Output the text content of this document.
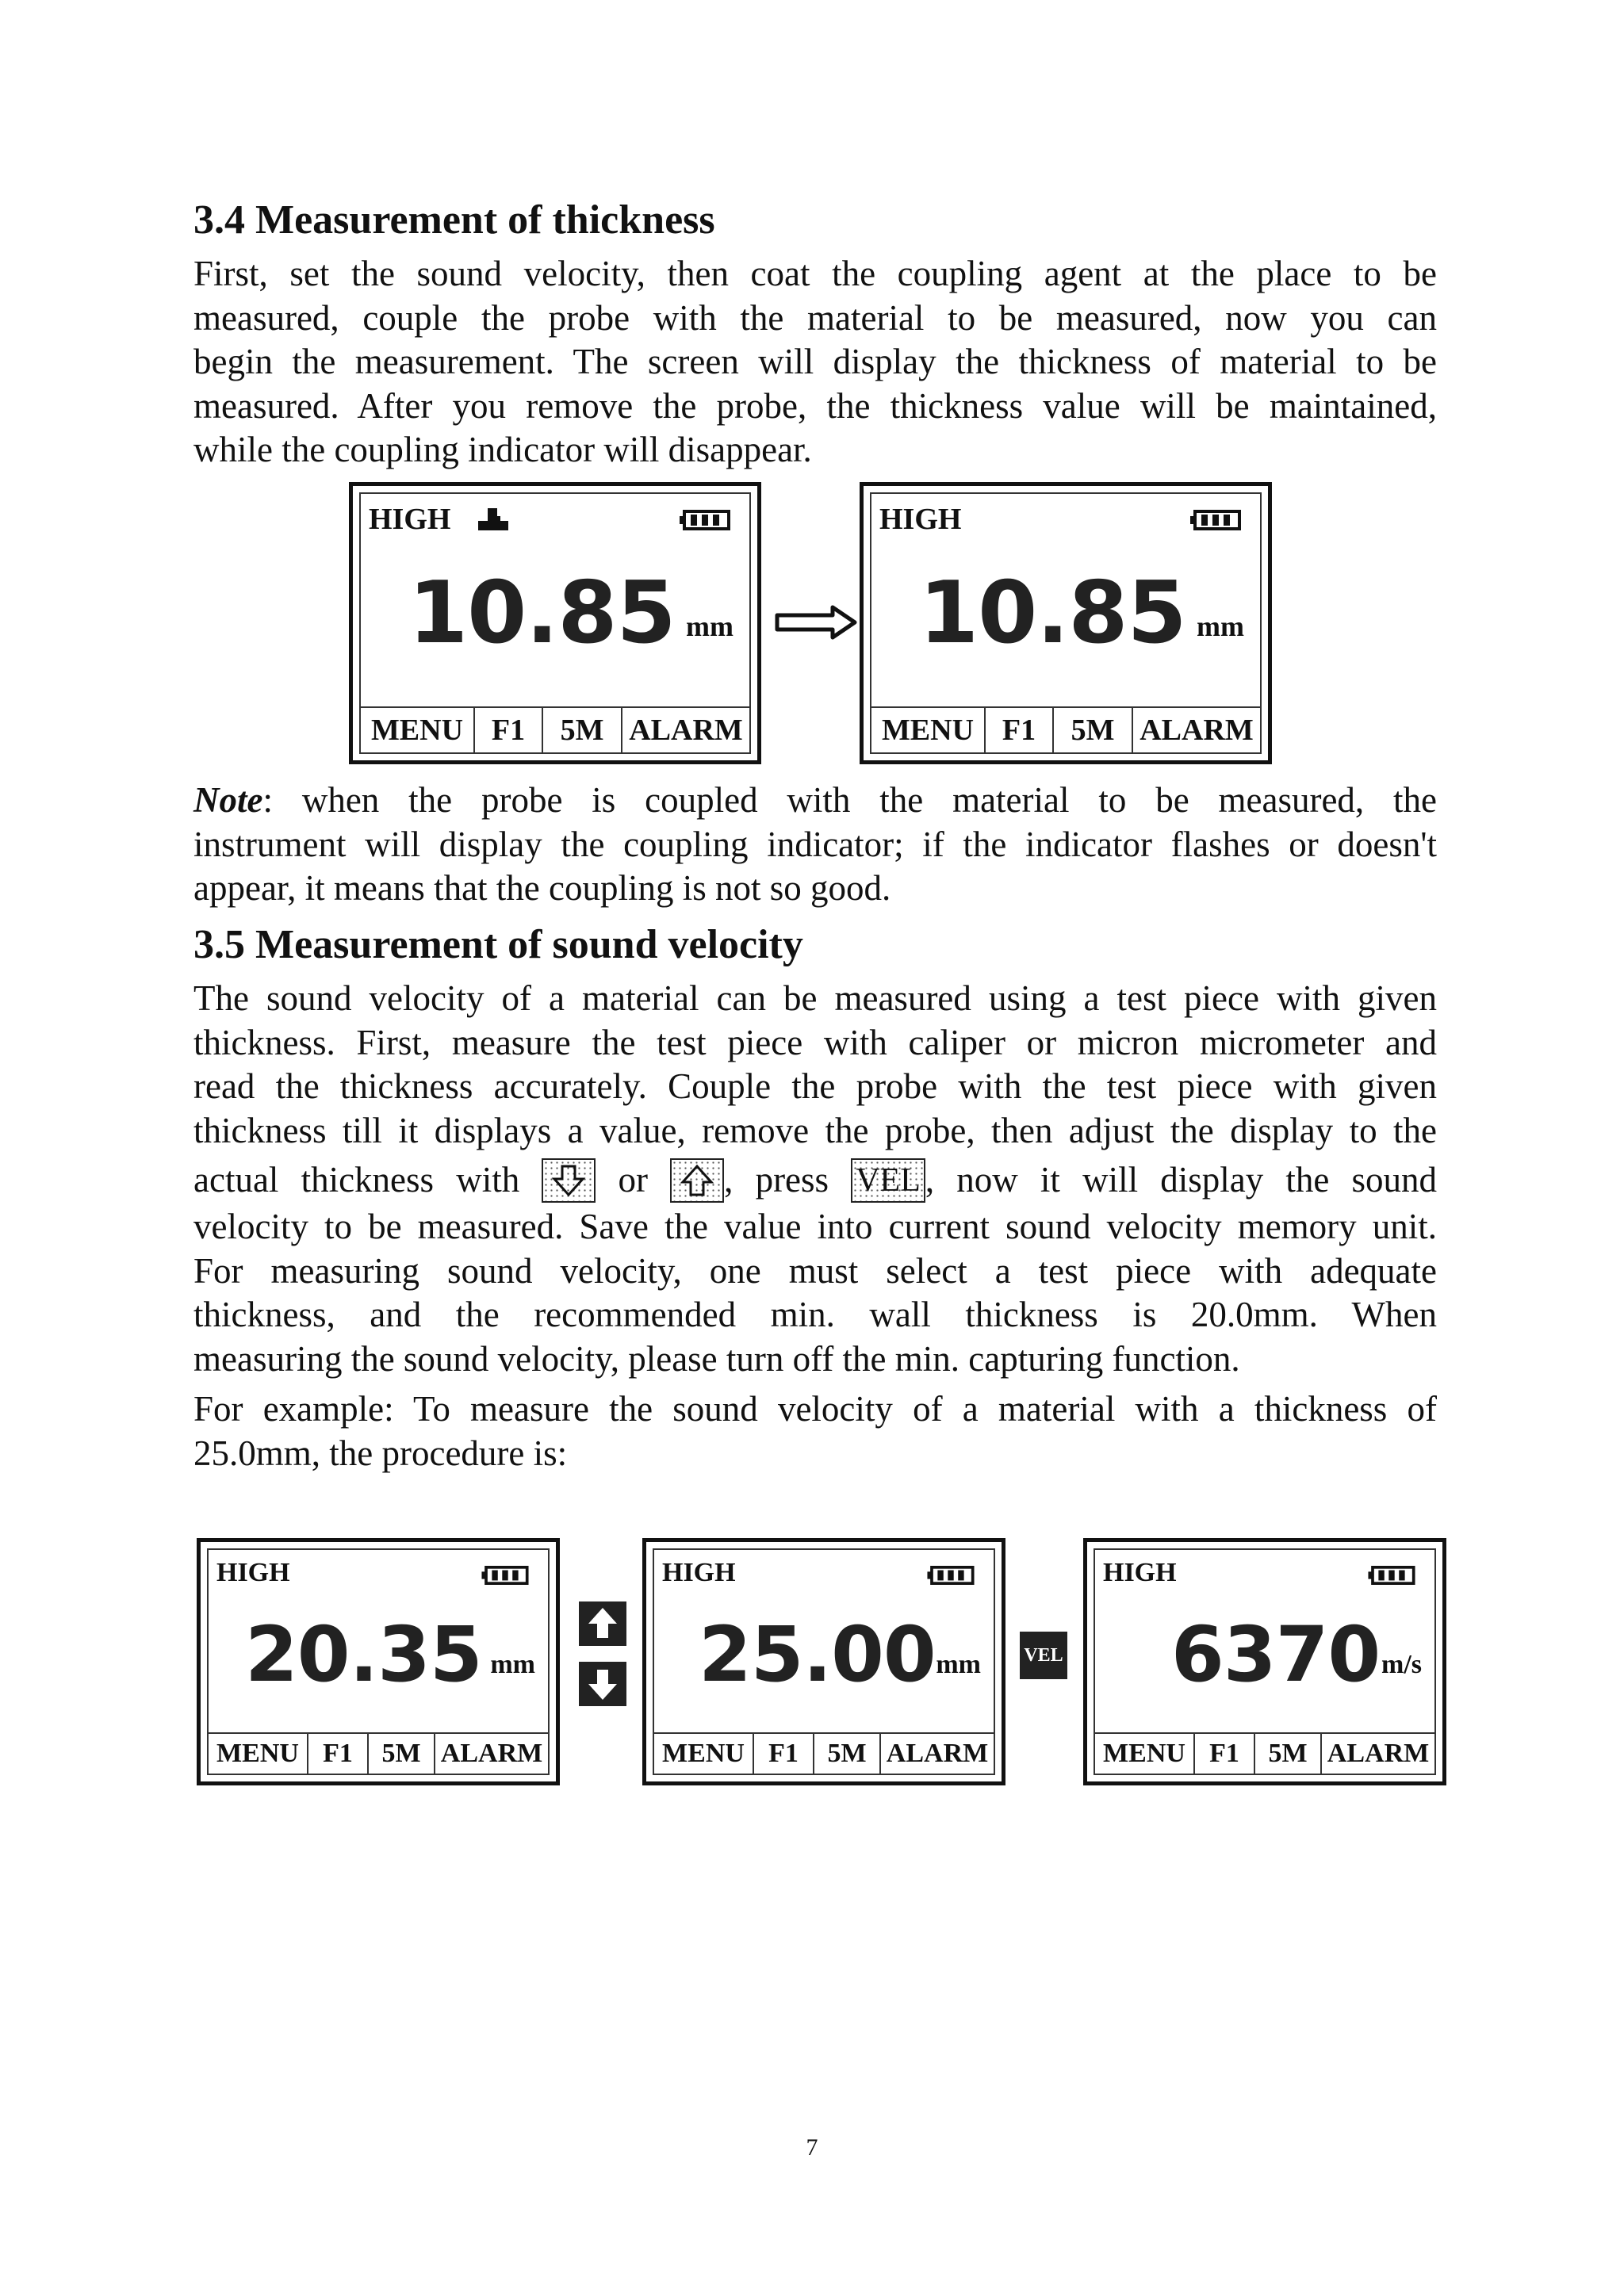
3.4 Measurement of thickness
First, set the sound velocity, then coat the coupling agent at the place to be
measured, couple the probe with the material to be measured, now you can
begin the measurement. The screen will display the thickness of material to be
measured. After you remove the probe, the thickness value will be maintained,
while the coupling indicator will disappear.
HIGH
10.85 mm
MENU F1	5M ALARM
HIGH
10.85 mm
MENU F1	5M ALARM
Note: when the probe is coupled with the material to be measured, the
instrument will display the coupling indicator; if the indicator flashes or doesn't
appear, it means that the coupling is not so good.
3.5 Measurement of sound velocity
The sound velocity of a material can be measured using a test piece with given
thickness. First, measure the test piece with caliper or micron micrometer and
read the thickness accurately. Couple the probe with the test piece with given
thickness till it displays a value, remove the probe, then adjust the display to the
actual thickness with	or , press VEL , now it will display the sound
velocity to be measured. Save the value into current sound velocity memory unit.
For measuring sound velocity, one must select a test piece with adequate
thickness, and the recommended min. wall thickness is 20.0mm. When
measuring the sound velocity, please turn off the min. capturing function.
For example: To measure the sound velocity of a material with a thickness of
25.0mm, the procedure is:
HIGH
20.35 mm
MENU F1	5M ALARM
HIGH
25.00 mm
MENU F1	5M ALARM
VEL
HIGH
6370 m/s
MENU F1	5M ALARM
7
